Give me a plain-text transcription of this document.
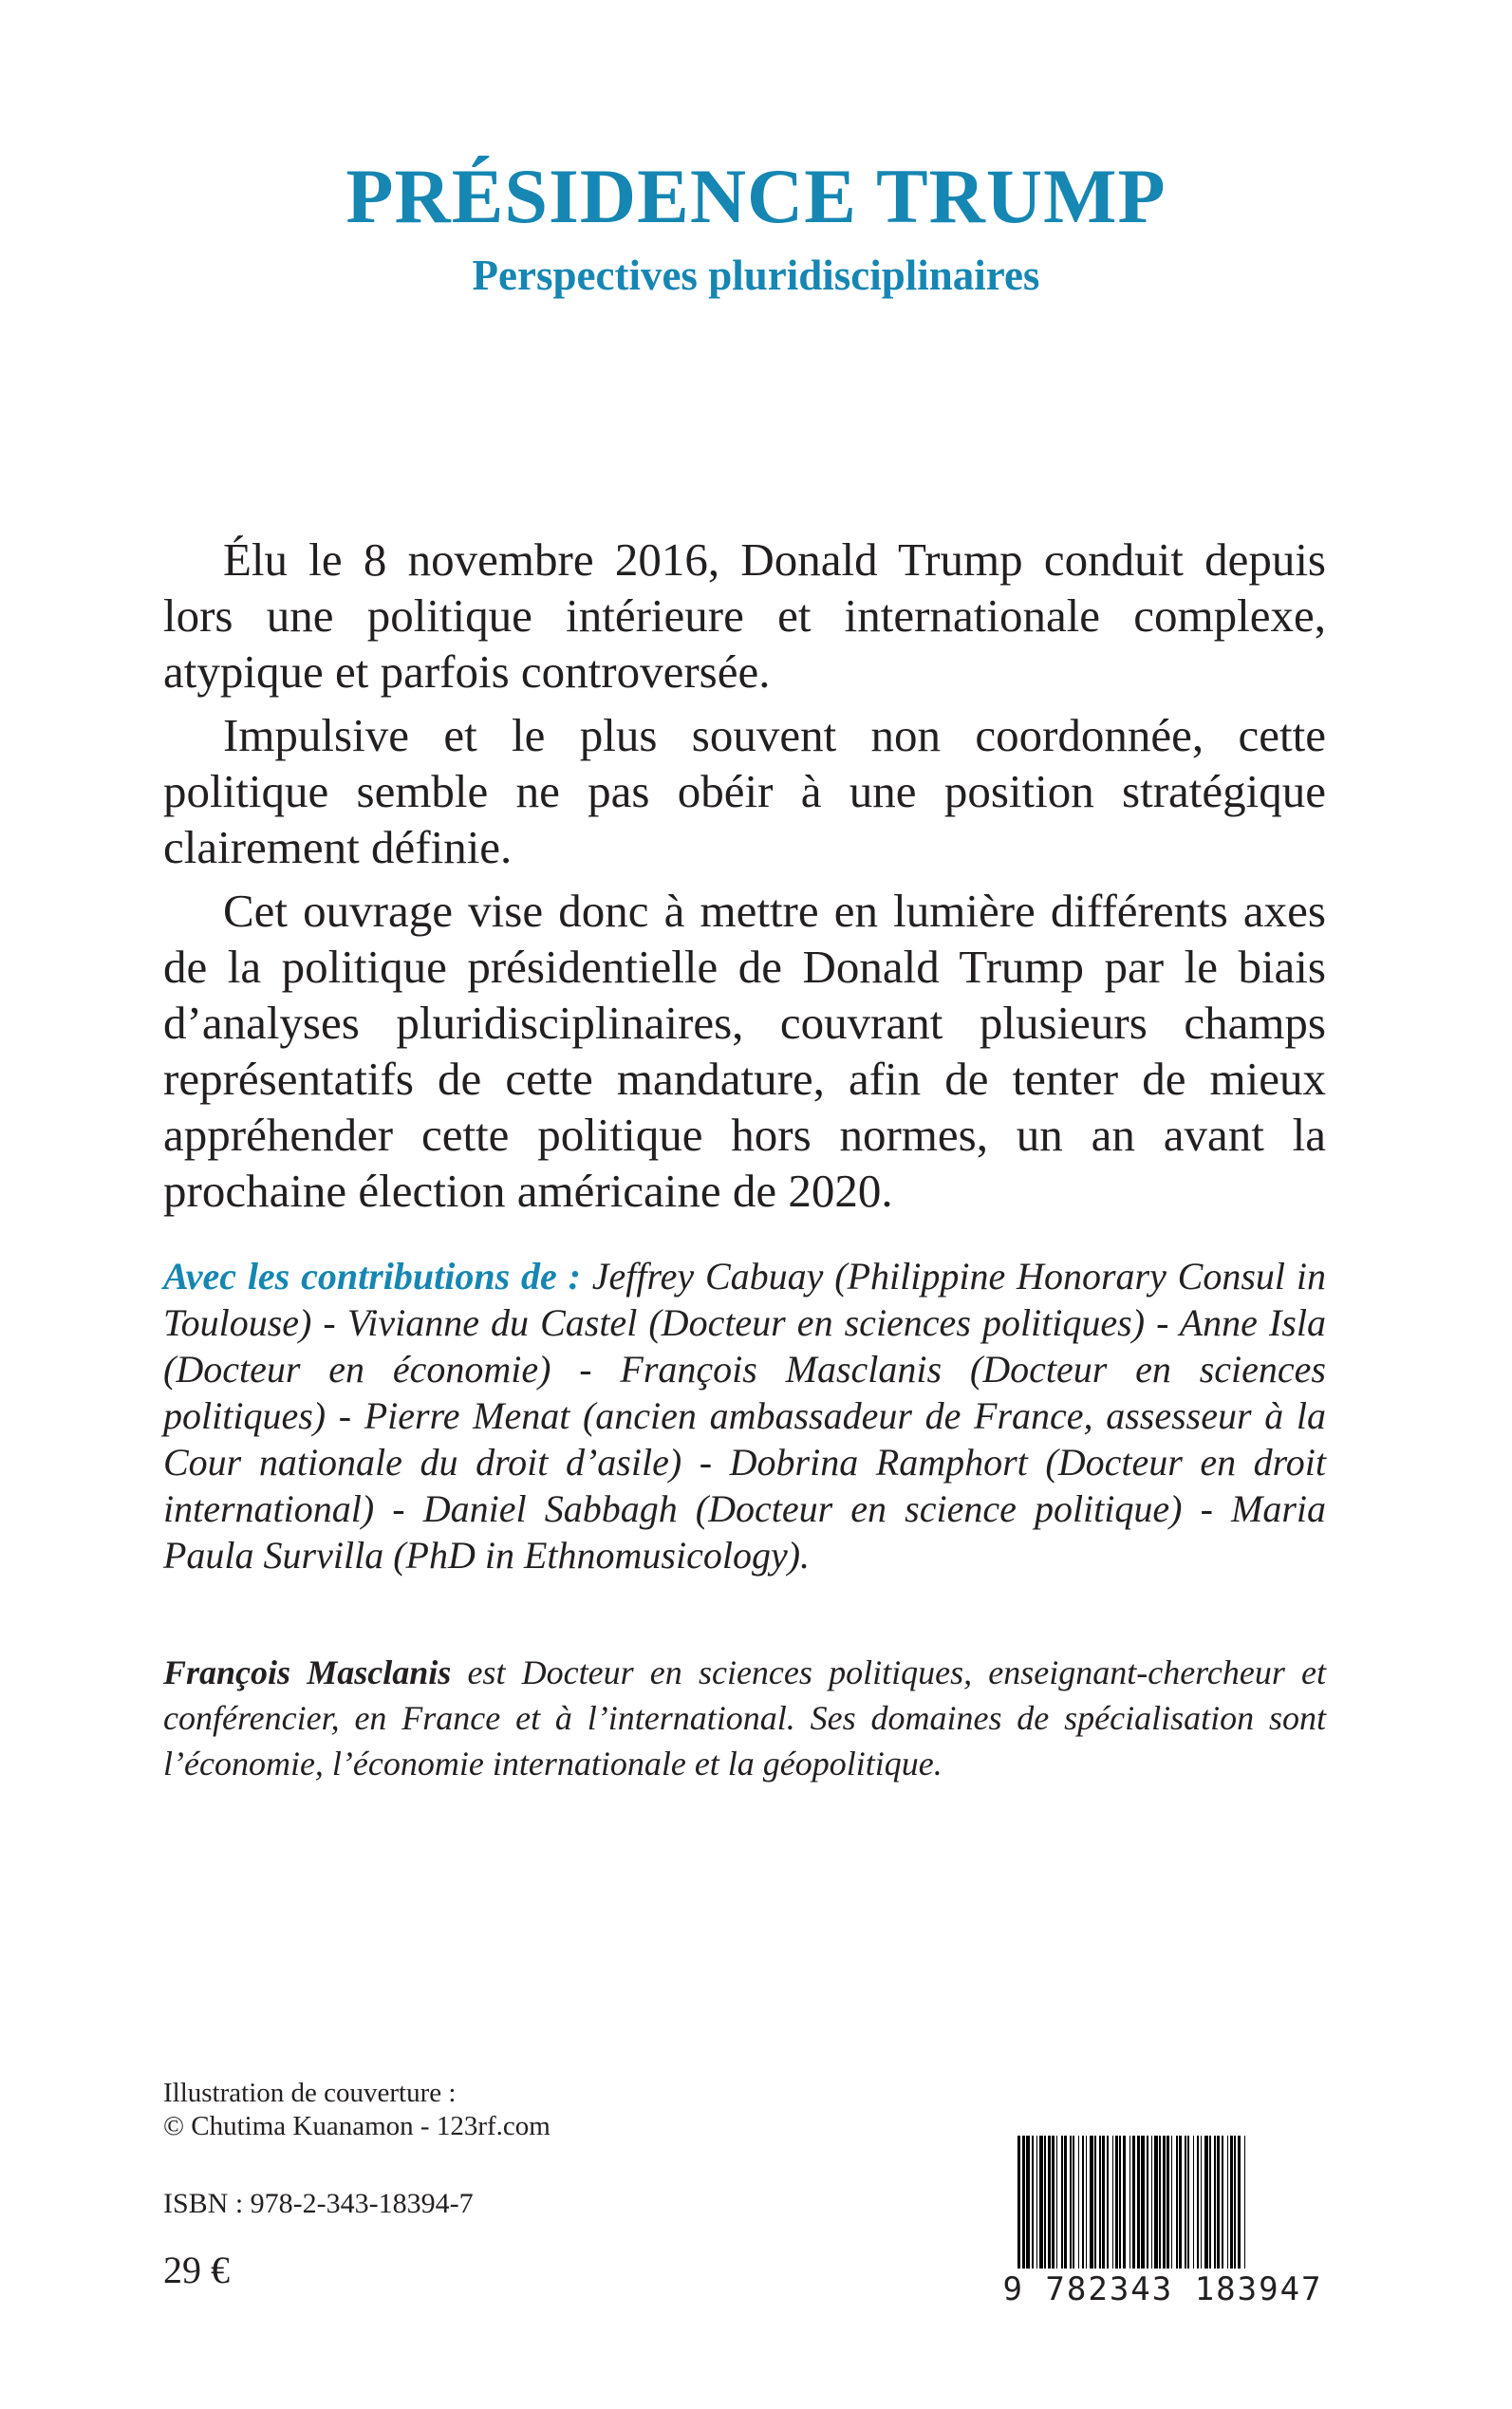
PRÉSIDENCE TRUMP
Perspectives pluridisciplinaires

Élu le 8 novembre 2016, Donald Trump conduit depuis lors une politique intérieure et internationale complexe, atypique et parfois controversée.

Impulsive et le plus souvent non coordonnée, cette politique semble ne pas obéir à une position stratégique clairement définie.

Cet ouvrage vise donc à mettre en lumière différents axes de la politique présidentielle de Donald Trump par le biais d’analyses pluridisciplinaires, couvrant plusieurs champs représentatifs de cette mandature, afin de tenter de mieux appréhender cette politique hors normes, un an avant la prochaine élection américaine de 2020.

Avec les contributions de : Jeffrey Cabuay (Philippine Honorary Consul in Toulouse) - Vivianne du Castel (Docteur en sciences politiques) - Anne Isla (Docteur en économie) - François Masclanis (Docteur en sciences politiques) - Pierre Menat (ancien ambassadeur de France, assesseur à la Cour nationale du droit d’asile) - Dobrina Ramphort (Docteur en droit international) - Daniel Sabbagh (Docteur en science politique) - Maria Paula Survilla (PhD in Ethnomusicology).

François Masclanis est Docteur en sciences politiques, enseignant-chercheur et conférencier, en France et à l’international. Ses domaines de spécialisation sont l’économie, l’économie internationale et la géopolitique.

Illustration de couverture :
© Chutima Kuanamon - 123rf.com
ISBN : 978-2-343-18394-7
29 €	9 782343 183947
